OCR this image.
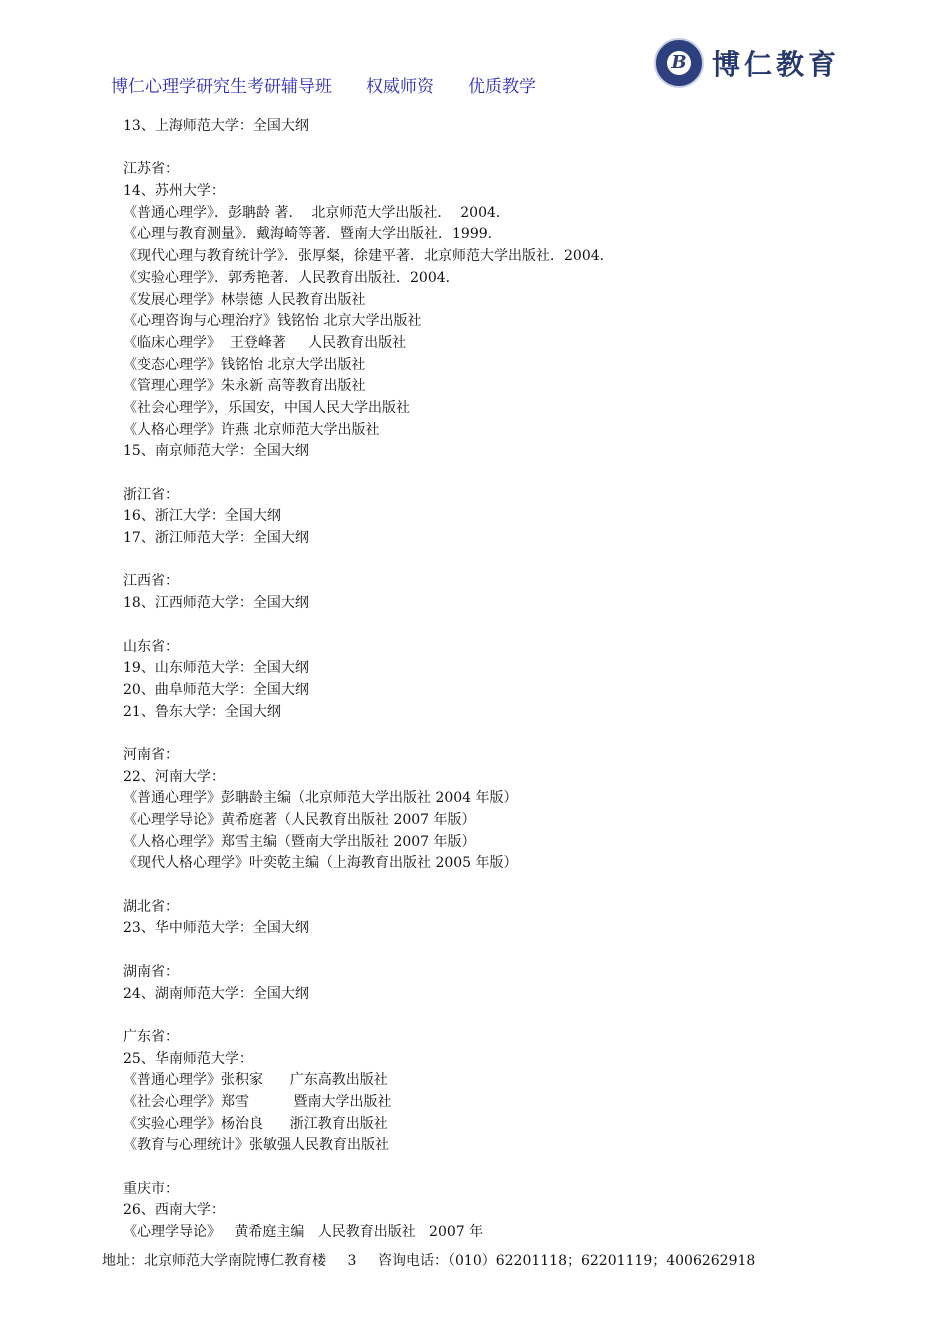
博仁心理学研究生考研辅导班 权威师资 优质教学
B 博仁教育
13、上海师范大学：全国大纲
江苏省：
14、苏州大学：
《普通心理学》．彭聃龄 著．  北京师范大学出版社．  2004．
《心理与教育测量》．戴海崎等著．暨南大学出版社．1999．
《现代心理与教育统计学》．张厚粲，徐建平著．北京师范大学出版社．2004．
《实验心理学》．郭秀艳著．人民教育出版社．2004．
《发展心理学》林崇德 人民教育出版社
《心理咨询与心理治疗》钱铭怡 北京大学出版社
《临床心理学》  王登峰著     人民教育出版社
《变态心理学》钱铭怡 北京大学出版社
《管理心理学》朱永新 高等教育出版社
《社会心理学》，乐国安，中国人民大学出版社
《人格心理学》许燕 北京师范大学出版社
15、南京师范大学：全国大纲
浙江省：
16、浙江大学：全国大纲
17、浙江师范大学：全国大纲
江西省：
18、江西师范大学：全国大纲
山东省：
19、山东师范大学：全国大纲
20、曲阜师范大学：全国大纲
21、鲁东大学：全国大纲
河南省：
22、河南大学：
《普通心理学》彭聃龄主编（北京师范大学出版社 2004 年版）
《心理学导论》黄希庭著（人民教育出版社 2007 年版）
《人格心理学》郑雪主编（暨南大学出版社 2007 年版）
《现代人格心理学》叶奕乾主编（上海教育出版社 2005 年版）
湖北省：
23、华中师范大学：全国大纲
湖南省：
24、湖南师范大学：全国大纲
广东省：
25、华南师范大学：
《普通心理学》张积家      广东高教出版社
《社会心理学》郑雪          暨南大学出版社
《实验心理学》杨治良      浙江教育出版社
《教育与心理统计》张敏强人民教育出版社
重庆市：
26、西南大学：
《心理学导论》   黄希庭主编   人民教育出版社   2007 年
地址：北京师范大学南院博仁教育楼 3 咨询电话：（010）62201118；62201119；4006262918
